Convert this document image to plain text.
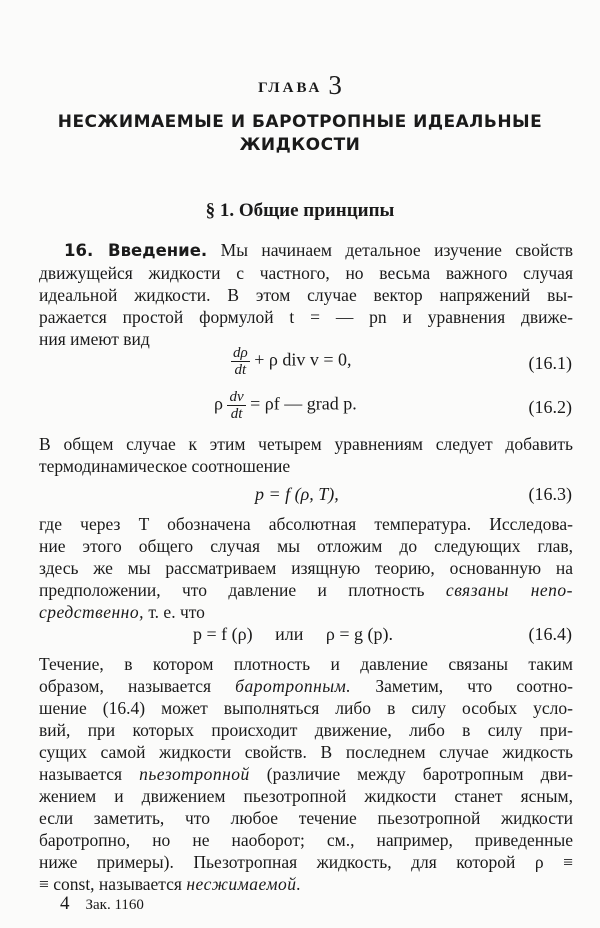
ГЛАВА 3
НЕСЖИМАЕМЫЕ И БАРОТРОПНЫЕ ИДЕАЛЬНЫЕ
ЖИДКОСТИ
§ 1. Общие принципы
16. Введение. Мы начинаем детальное изучение свойств
движущейся жидкости с частного, но весьма важного случая
идеальной жидкости. В этом случае вектор напряжений вы-
ражается простой формулой t = — pn и уравнения движе-
ния имеют вид
$\frac{d\rho}{dt} + \rho$ div v = 0,	(16.1)
ρ $\frac{dv}{dt} = \rho f$ — grad p.	(16.2)
В общем случае к этим четырем уравнениям следует добавить
термодинамическое соотношение
p = f (ρ, T),	(16.3)
где через T обозначена абсолютная температура. Исследова-
ние этого общего случая мы отложим до следующих глав,
здесь же мы рассматриваем изящную теорию, основанную на
предположении, что давление и плотность связаны непо-
средственно, т. е. что
p = f (ρ)     или     ρ = g (p).	(16.4)
Течение, в котором плотность и давление связаны таким
образом, называется баротропным. Заметим, что соотно-
шение (16.4) может выполняться либо в силу особых усло-
вий, при которых происходит движение, либо в силу при-
сущих самой жидкости свойств. В последнем случае жидкость
называется пьезотропной (различие между баротропным дви-
жением и движением пьезотропной жидкости станет ясным,
если заметить, что любое течение пьезотропной жидкости
баротропно, но не наоборот; см., например, приведенные
ниже примеры). Пьезотропная жидкость, для которой ρ ≡
≡ const, называется несжимаемой.
4 Зак. 1160
